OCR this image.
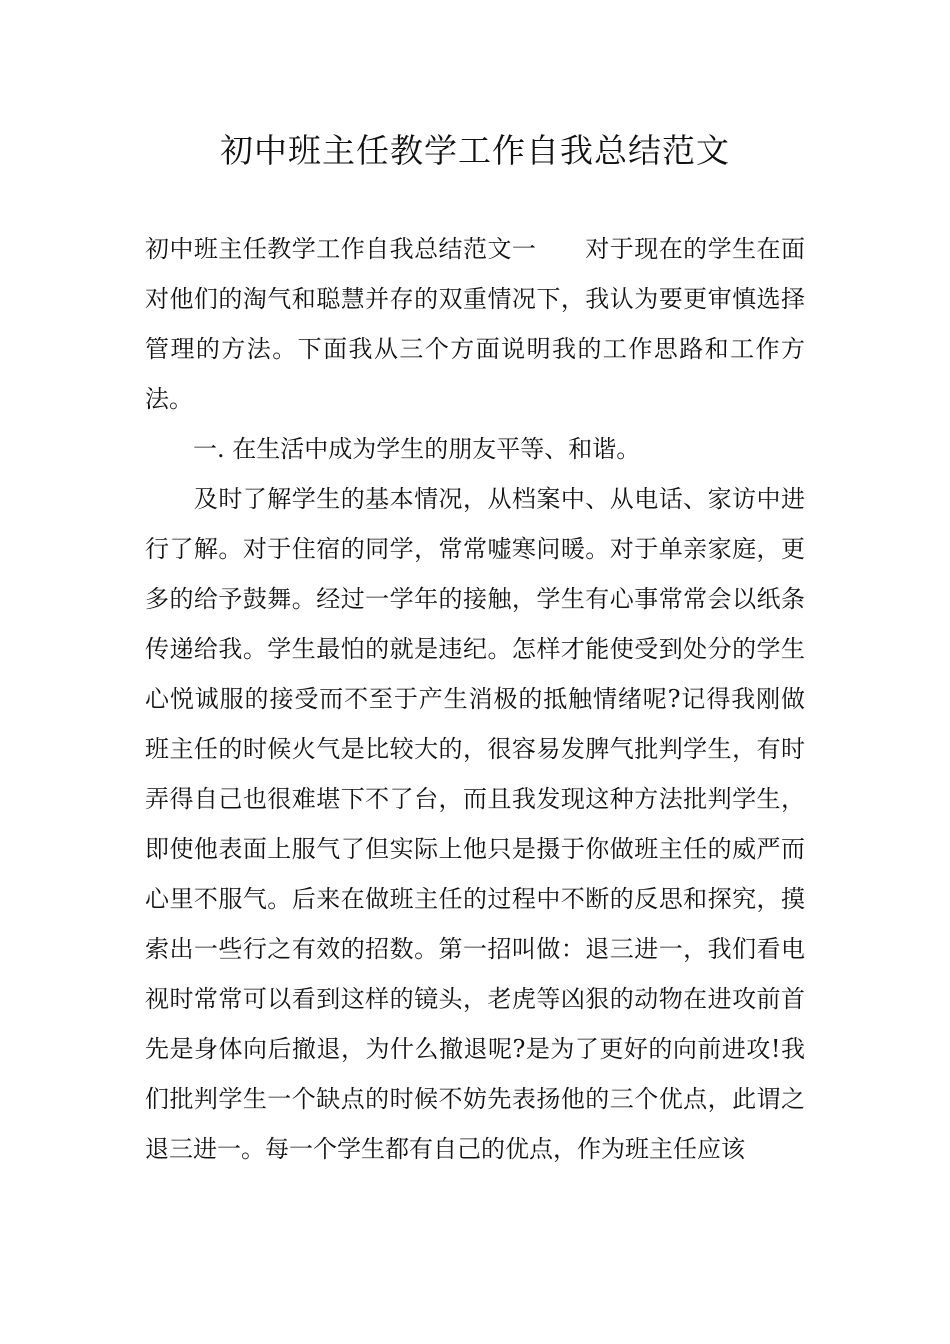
初中班主任教学工作自我总结范文

初中班主任教学工作自我总结范文一　　对于现在的学生在面对他们的淘气和聪慧并存的双重情况下，我认为要更审慎选择管理的方法。下面我从三个方面说明我的工作思路和工作方法。

　　一. 在生活中成为学生的朋友平等、和谐。

　　及时了解学生的基本情况，从档案中、从电话、家访中进行了解。对于住宿的同学，常常嘘寒问暖。对于单亲家庭，更多的给予鼓舞。经过一学年的接触，学生有心事常常会以纸条传递给我。学生最怕的就是违纪。怎样才能使受到处分的学生心悦诚服的接受而不至于产生消极的抵触情绪呢?记得我刚做班主任的时候火气是比较大的，很容易发脾气批判学生，有时弄得自己也很难堪下不了台，而且我发现这种方法批判学生，即使他表面上服气了但实际上他只是摄于你做班主任的威严而心里不服气。后来在做班主任的过程中不断的反思和探究，摸索出一些行之有效的招数。第一招叫做：退三进一，我们看电视时常常可以看到这样的镜头，老虎等凶狠的动物在进攻前首先是身体向后撤退，为什么撤退呢?是为了更好的向前进攻!我们批判学生一个缺点的时候不妨先表扬他的三个优点，此谓之退三进一。每一个学生都有自己的优点，作为班主任应该
